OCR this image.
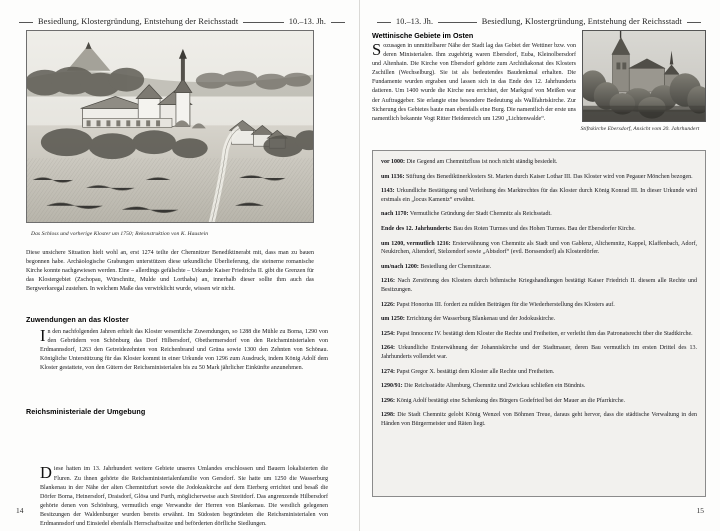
Besiedlung, Klostergründung, Entstehung der Reichsstadt	10.–13. Jh.
Das Schloss und vorherige Kloster um 1750; Rekonstruktion von K. Haustein

Diese unsichere Situation hielt wohl an, erst 1274 teilte der Chemnitzer Benediktinerabt mit, dass man zu bauen begonnen habe. Archäologische Grabungen unterstützen diese urkundliche Überlieferung, die steinerne romanische Kirche konnte nachgewiesen werden. Eine – allerdings gefälschte – Urkunde Kaiser Friedrichs II. gibt die Grenzen für das Klostergebiet (Zschopau, Würschnitz, Mulde und Lorthaba) an, innerhalb dieser sollte ihm auch das Bergwerksregal zustehen. In welchem Maße das verwirklicht wurde, wissen wir nicht.

Zuwendungen an das Kloster
I n den nachfolgenden Jahren erhielt das Kloster wesentliche Zuwendungen, so 1288 die Mühle zu Borna, 1290 von den Gebrüdern von Schönburg das Dorf Hilbersdorf, Obethermersdorf von den Reichsministerialen von Erdmannsdorf, 1263 den Getreidezehnten von Reichenbrand und Grüna sowie 1300 den Zehnten von Schönau. Königliche Unterstützung für das Kloster kommt in einer Urkunde von 1296 zum Ausdruck, indem König Adolf dem Kloster gestattete, von den Gütern der Reichsministerialen bis zu 50 Mark jährlicher Einkünfte anzunehmen.

Reichsministeriale der Umgebung
D iese hatten im 13. Jahrhundert weitere Gebiete unseres Umlandes erschlossen und Bauern lokalisierten die Fluren. Zu ihnen gehörte die Reichsministerialenfamilie von Gersdorf. Sie hatte um 1250 die Wasserburg Blankenau in der Nähe der alten Chemnitzfurt sowie die Jodokuskirche auf dem Eierberg errichtet und besaß die Dörfer Borna, Heinersdorf, Draisdorf, Glösa und Furth, möglicherweise auch Streitdorf. Das angrenzende Hilbersdorf gehörte denen von Schönburg, vermutlich enge Verwandte der Herren von Blankenau. Die westlich gelegenen Besitzungen der Waldenburger wurden bereits erwähnt. Im Südosten begründeten die Reichsministerialen von Erdmannsdorf und Einsiedel ebenfalls Herrschaftssitze und beförderten dörfliche Siedlungen.

14
10.–13. Jh.	Besiedlung, Klostergründung, Entstehung der Reichsstadt
Wettinische Gebiete im Osten
S ozusagen in unmittelbarer Nähe der Stadt lag das Gebiet der Wettiner bzw. von deren Ministerialen. Ihm zugehörig waren Ebersdorf, Euba, Kleinolbersdorf und Altenhain. Die Kirche von Ebersdorf gehörte zum Archidiakonat des Klosters Zschillen (Wechselburg). Sie ist als bedeutendes Baudenkmal erhalten. Die Fundamente wurden ergraben und lassen sich in das Ende des 12. Jahrhunderts datieren. Um 1400 wurde die Kirche neu errichtet, der Markgraf von Meißen war der Auftraggeber. Sie erlangte eine besondere Bedeutung als Wallfahrtskirche. Zur Sicherung des Gebietes baute man ebenfalls eine Burg. Die namentlich der erste uns namentlich bekannte Vogt Ritter Heidenreich um 1290 „Lichtenwalde“.

Stiftskirche Ebersdorf, Ansicht vom 20. Jahrhundert

vor 1000: Die Gegend am Chemnitzfluss ist noch nicht ständig besiedelt.

um 1136: Stiftung des Benediktinerklosters St. Marien durch Kaiser Lothar III. Das Kloster wird von Pegauer Mönchen bezogen.

1143: Urkundliche Bestätigung und Verleihung des Marktrechtes für das Kloster durch König Konrad III. In dieser Urkunde wird erstmals ein „locus Kameniz“ erwähnt.

nach 1170: Vermutliche Gründung der Stadt Chemnitz als Reichsstadt.

Ende des 12. Jahrhunderts: Bau des Roten Turmes und des Hohen Turmes. Bau der Ebersdorfer Kirche.

um 1200, vermutlich 1216: Ersterwähnung von Chemnitz als Stadt und von Gablenz, Altchemnitz, Kappel, Klaffenbach, Adorf, Neukirchen, Altendorf, Stelzendorf sowie „Abtsdorf“ (evtl. Borssendorf) als Klosterdörfer.

um/nach 1200: Besiedlung der Chemnitzaue.

1216: Nach Zerstörung des Klosters durch böhmische Kriegshandlungen bestätigt Kaiser Friedrich II. diesem alle Rechte und Besitzungen.

1226: Papst Honorius III. fordert zu milden Beiträgen für die Wiederherstellung des Klosters auf.

um 1250: Errichtung der Wasserburg Blankenau und der Jodokuskirche.

1254: Papst Innocenz IV. bestätigt dem Kloster die Rechte und Freiheiten, er verleiht ihm das Patronatsrecht über die Stadtkirche.

1264: Urkundliche Ersterwähnung der Johanniskirche und der Stadtmauer, deren Bau vermutlich im ersten Drittel des 13. Jahrhunderts vollendet war.

1274: Papst Gregor X. bestätigt dem Kloster alle Rechte und Freiheiten.

1290/91: Die Reichsstädte Altenburg, Chemnitz und Zwickau schließen ein Bündnis.

1296: König Adolf bestätigt eine Schenkung des Bürgers Godefried bei der Mauer an die Pfarrkirche.

1298: Die Stadt Chemnitz gelobt König Wenzel von Böhmen Treue, daraus geht hervor, dass die städtische Verwaltung in den Händen von Bürgermeister und Räten liegt.

15
